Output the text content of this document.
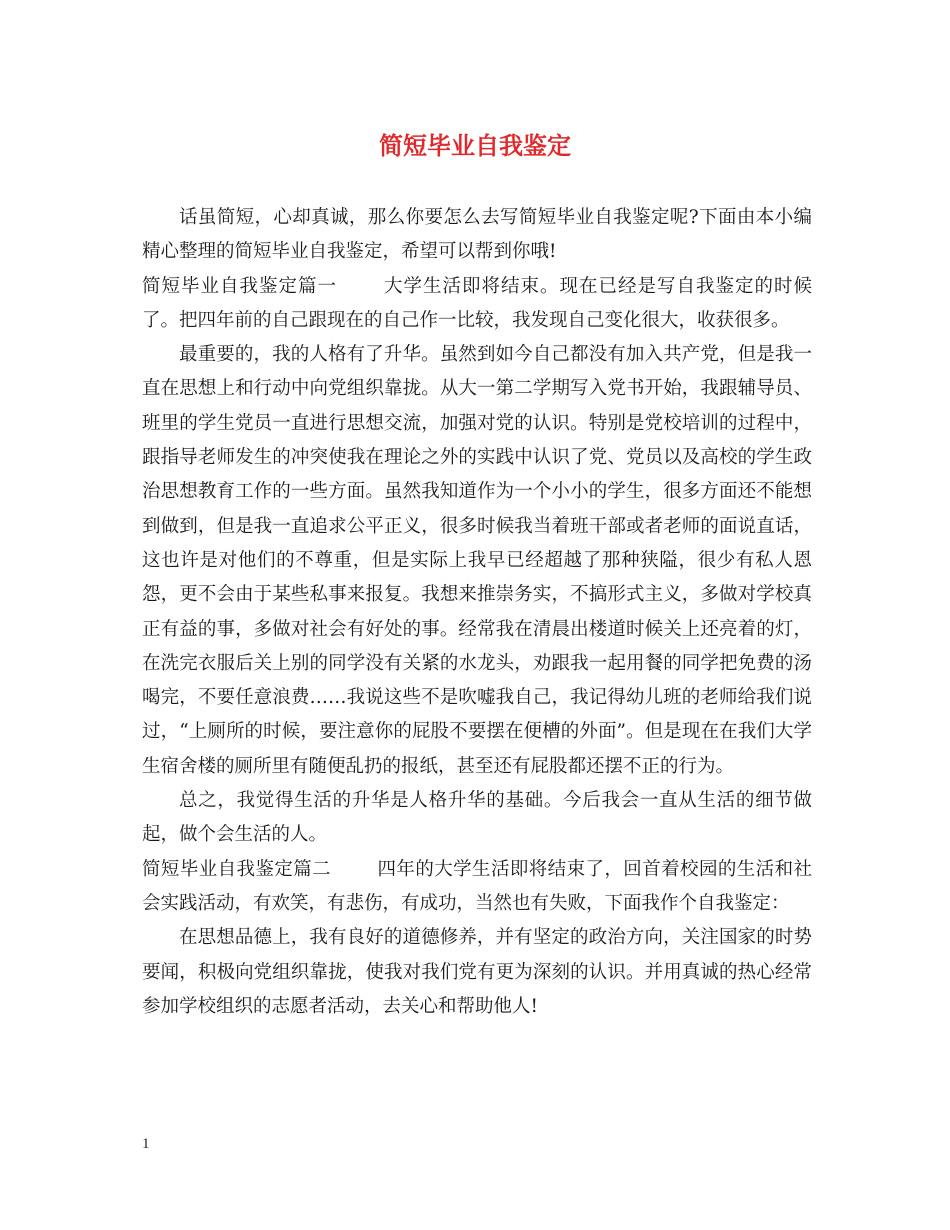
简短毕业自我鉴定

话虽简短，心却真诚，那么你要怎么去写简短毕业自我鉴定呢?下面由本小编精心整理的简短毕业自我鉴定，希望可以帮到你哦!

简短毕业自我鉴定篇一 大学生活即将结束。现在已经是写自我鉴定的时候了。把四年前的自己跟现在的自己作一比较，我发现自己变化很大，收获很多。

最重要的，我的人格有了升华。虽然到如今自己都没有加入共产党，但是我一直在思想上和行动中向党组织靠拢。从大一第二学期写入党书开始，我跟辅导员、班里的学生党员一直进行思想交流，加强对党的认识。特别是党校培训的过程中，跟指导老师发生的冲突使我在理论之外的实践中认识了党、党员以及高校的学生政治思想教育工作的一些方面。虽然我知道作为一个小小的学生，很多方面还不能想到做到，但是我一直追求公平正义，很多时候我当着班干部或者老师的面说直话，这也许是对他们的不尊重，但是实际上我早已经超越了那种狭隘，很少有私人恩怨，更不会由于某些私事来报复。我想来推崇务实，不搞形式主义，多做对学校真正有益的事，多做对社会有好处的事。经常我在清晨出楼道时候关上还亮着的灯，在洗完衣服后关上别的同学没有关紧的水龙头，劝跟我一起用餐的同学把免费的汤喝完，不要任意浪费……我说这些不是吹嘘我自己，我记得幼儿班的老师给我们说过，“上厕所的时候，要注意你的屁股不要摆在便槽的外面”。但是现在在我们大学生宿舍楼的厕所里有随便乱扔的报纸，甚至还有屁股都还摆不正的行为。

总之，我觉得生活的升华是人格升华的基础。今后我会一直从生活的细节做起，做个会生活的人。

简短毕业自我鉴定篇二 四年的大学生活即将结束了，回首着校园的生活和社会实践活动，有欢笑，有悲伤，有成功，当然也有失败，下面我作个自我鉴定：

在思想品德上，我有良好的道德修养，并有坚定的政治方向，关注国家的时势要闻，积极向党组织靠拢，使我对我们党有更为深刻的认识。并用真诚的热心经常参加学校组织的志愿者活动，去关心和帮助他人!

1
